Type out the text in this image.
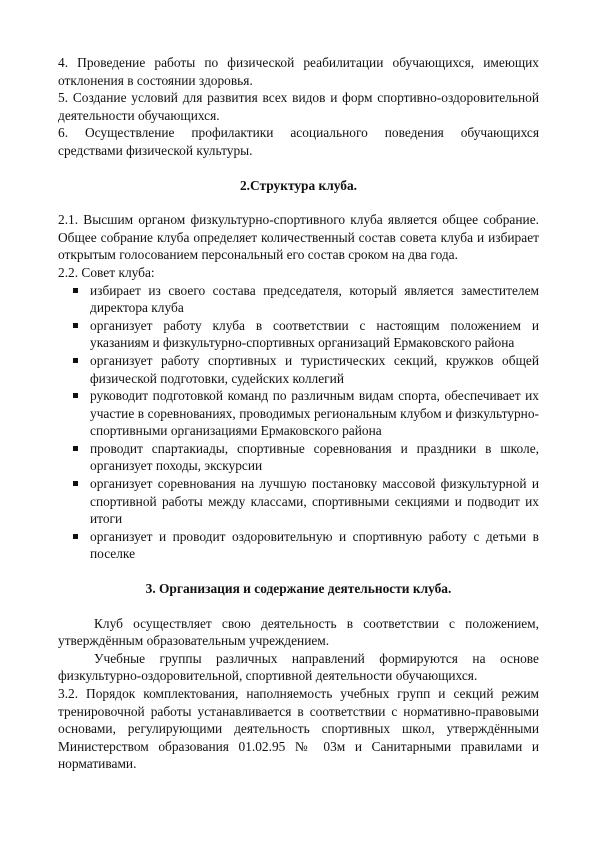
4. Проведение работы по физической реабилитации обучающихся, имеющих отклонения в состоянии здоровья.

5. Создание условий для развития всех видов и форм спортивно-оздоровительной деятельности обучающихся.

6. Осуществление профилактики асоциального поведения обучающихся средствами физической культуры.

2.Структура клуба.

2.1. Высшим органом физкультурно-спортивного клуба является общее собрание. Общее собрание клуба определяет количественный состав совета клуба и избирает открытым голосованием персональный его состав сроком на два года.

2.2. Совет клуба:

избирает из своего состава председателя, который является заместителем директора клуба
организует работу клуба в соответствии с настоящим положением и указаниям и физкультурно-спортивных организаций Ермаковского района
организует работу спортивных и туристических секций, кружков общей физической подготовки, судейских коллегий
руководит подготовкой команд по различным видам спорта, обеспечивает их участие в соревнованиях, проводимых региональным клубом и физкультурно-спортивными организациями Ермаковского района
проводит спартакиады, спортивные соревнования и праздники в школе, организует походы, экскурсии
организует соревнования на лучшую постановку массовой физкультурной и спортивной работы между классами, спортивными секциями и подводит их итоги
организует и проводит оздоровительную и спортивную работу с детьми в поселке

3. Организация и содержание деятельности клуба.

Клуб осуществляет свою деятельность в соответствии с положением, утверждённым образовательным учреждением.

Учебные группы различных направлений формируются на основе физкультурно-оздоровительной, спортивной деятельности обучающихся.

3.2. Порядок комплектования, наполняемость учебных групп и секций режим тренировочной работы устанавливается в соответствии с нормативно-правовыми основами, регулирующими деятельность спортивных школ, утверждёнными Министерством образования 01.02.95 № 03м и Санитарными правилами и нормативами.
